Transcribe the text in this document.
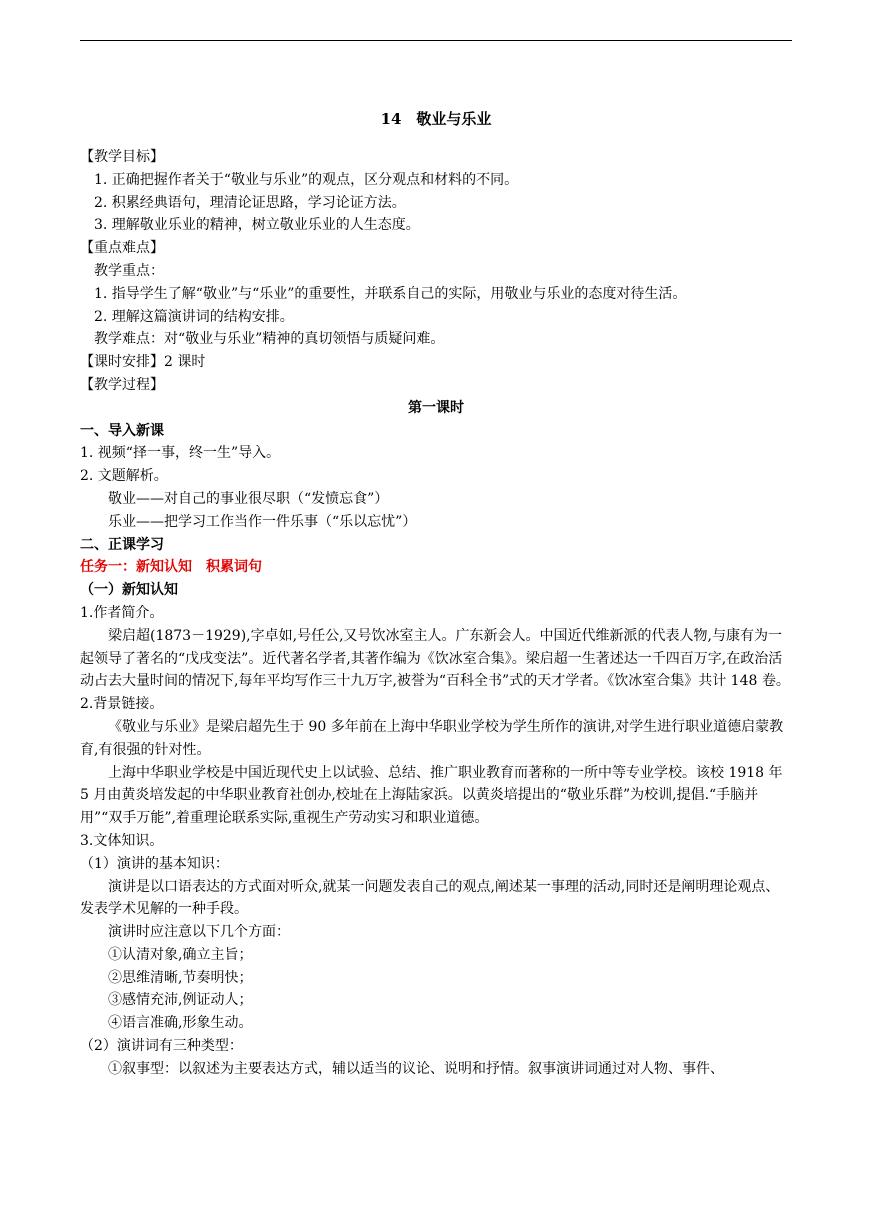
14　敬业与乐业
【教学目标】
1. 正确把握作者关于“敬业与乐业”的观点，区分观点和材料的不同。
2. 积累经典语句，理清论证思路，学习论证方法。
3. 理解敬业乐业的精神，树立敬业乐业的人生态度。
【重点难点】
教学重点：
1. 指导学生了解“敬业”与“乐业”的重要性，并联系自己的实际，用敬业与乐业的态度对待生活。
2. 理解这篇演讲词的结构安排。
教学难点：对“敬业与乐业”精神的真切领悟与质疑问难。
【课时安排】2 课时
【教学过程】
第一课时
一、导入新课
1. 视频“择一事，终一生”导入。
2. 文题解析。
敬业——对自己的事业很尽职（“发愤忘食”）
乐业——把学习工作当作一件乐事（“乐以忘忧”）
二、正课学习
任务一：新知认知　积累词句
（一）新知认知
1.作者简介。
梁启超(1873－1929),字卓如,号任公,又号饮冰室主人。广东新会人。中国近代维新派的代表人物,与康有为一起领导了著名的“戊戌变法”。近代著名学者,其著作编为《饮冰室合集》。梁启超一生著述达一千四百万字,在政治活动占去大量时间的情况下,每年平均写作三十九万字,被誉为“百科全书”式的天才学者。《饮冰室合集》共计 148 卷。
2.背景链接。
《敬业与乐业》是梁启超先生于 90 多年前在上海中华职业学校为学生所作的演讲,对学生进行职业道德启蒙教育,有很强的针对性。
上海中华职业学校是中国近现代史上以试验、总结、推广职业教育而著称的一所中等专业学校。该校 1918 年 5 月由黄炎培发起的中华职业教育社创办,校址在上海陆家浜。以黄炎培提出的“敬业乐群”为校训,提倡.“手脑并用”“双手万能”,着重理论联系实际,重视生产劳动实习和职业道德。
3.文体知识。
（1）演讲的基本知识：
演讲是以口语表达的方式面对听众,就某一问题发表自己的观点,阐述某一事理的活动,同时还是阐明理论观点、发表学术见解的一种手段。
演讲时应注意以下几个方面：
①认清对象,确立主旨；
②思维清晰,节奏明快；
③感情充沛,例证动人；
④语言准确,形象生动。
（2）演讲词有三种类型：
①叙事型：以叙述为主要表达方式，辅以适当的议论、说明和抒情。叙事演讲词通过对人物、事件、
